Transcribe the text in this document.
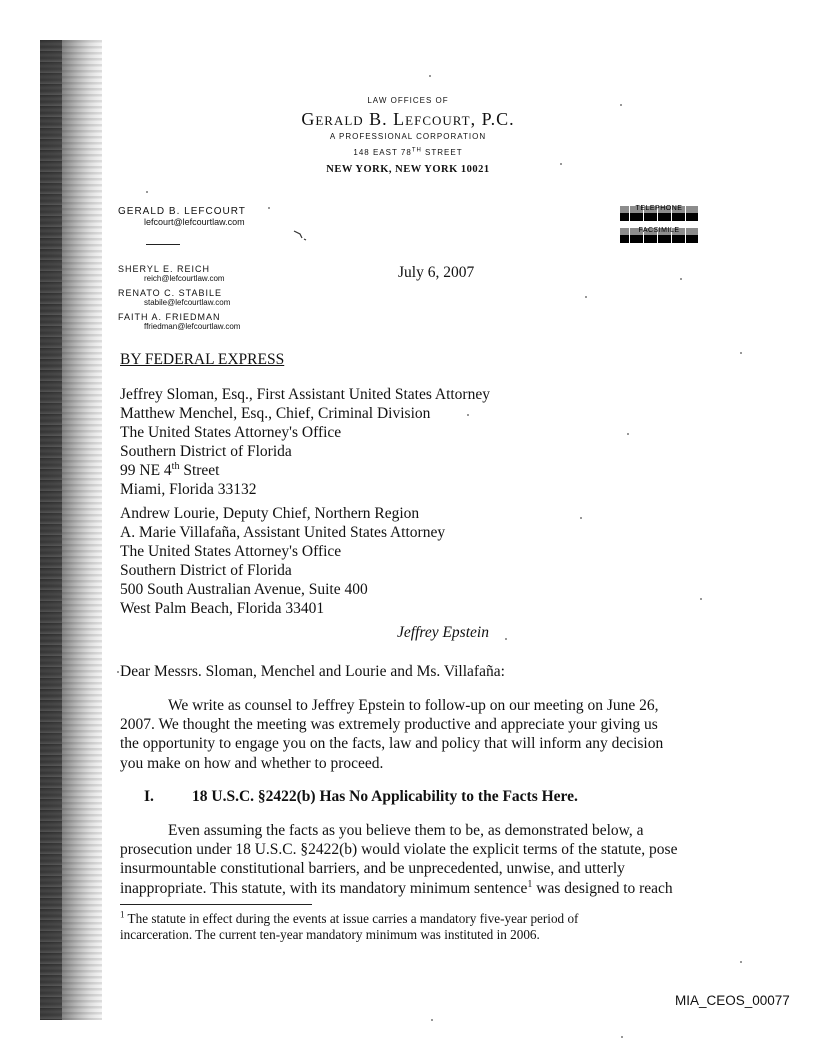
LAW OFFICES OF
Gerald B. Lefcourt, P.C.
A PROFESSIONAL CORPORATION
148 EAST 78TH STREET
NEW YORK, NEW YORK 10021
GERALD B. LEFCOURT
lefcourt@lefcourtlaw.com
SHERYL E. REICH
reich@lefcourtlaw.com
RENATO C. STABILE
stabile@lefcourtlaw.com
FAITH A. FRIEDMAN
ffriedman@lefcourtlaw.com
TELEPHONE
FACSIMILE
July 6, 2007
BY FEDERAL EXPRESS
Jeffrey Sloman, Esq., First Assistant United States Attorney
Matthew Menchel, Esq., Chief, Criminal Division
The United States Attorney's Office
Southern District of Florida
99 NE 4th Street
Miami, Florida 33132
Andrew Lourie, Deputy Chief, Northern Region
A. Marie Villafaña, Assistant United States Attorney
The United States Attorney's Office
Southern District of Florida
500 South Australian Avenue, Suite 400
West Palm Beach, Florida 33401
Jeffrey Epstein
Dear Messrs. Sloman, Menchel and Lourie and Ms. Villafaña:
We write as counsel to Jeffrey Epstein to follow-up on our meeting on June 26,
2007. We thought the meeting was extremely productive and appreciate your giving us
the opportunity to engage you on the facts, law and policy that will inform any decision
you make on how and whether to proceed.
I. 18 U.S.C. §2422(b) Has No Applicability to the Facts Here.
Even assuming the facts as you believe them to be, as demonstrated below, a
prosecution under 18 U.S.C. §2422(b) would violate the explicit terms of the statute, pose
insurmountable constitutional barriers, and be unprecedented, unwise, and utterly
inappropriate. This statute, with its mandatory minimum sentence$^1$ was designed to reach
$^1$ The statute in effect during the events at issue carries a mandatory five-year period of
incarceration. The current ten-year mandatory minimum was instituted in 2006.
MIA_CEOS_00077
